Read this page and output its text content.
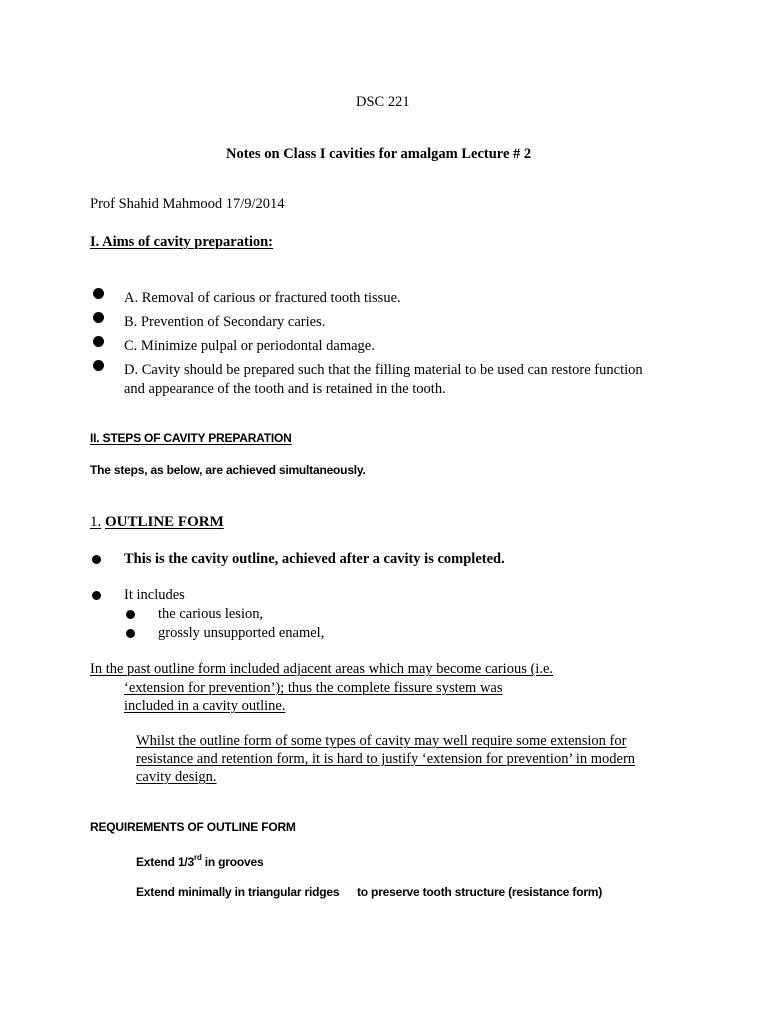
DSC 221
Notes on Class I cavities for amalgam Lecture # 2
Prof Shahid Mahmood 17/9/2014
I. Aims of cavity preparation:
A. Removal of carious or fractured tooth tissue.
B. Prevention of Secondary caries.
C. Minimize pulpal or periodontal damage.
D. Cavity should be prepared such that the filling material to be used can restore function
and appearance of the tooth and is retained in the tooth.
II. STEPS OF CAVITY PREPARATION
The steps, as below, are achieved simultaneously.
1. OUTLINE FORM
This is the cavity outline, achieved after a cavity is completed.
It includes
the carious lesion,
grossly unsupported enamel,
In the past outline form included adjacent areas which may become carious (i.e.
‘extension for prevention’); thus the complete fissure system was
included in a cavity outline.
Whilst the outline form of some types of cavity may well require some extension for
resistance and retention form, it is hard to justify ‘extension for prevention’ in modern
cavity design.
REQUIREMENTS OF OUTLINE FORM
Extend 1/3rd in grooves
Extend minimally in triangular ridges to preserve tooth structure (resistance form)
